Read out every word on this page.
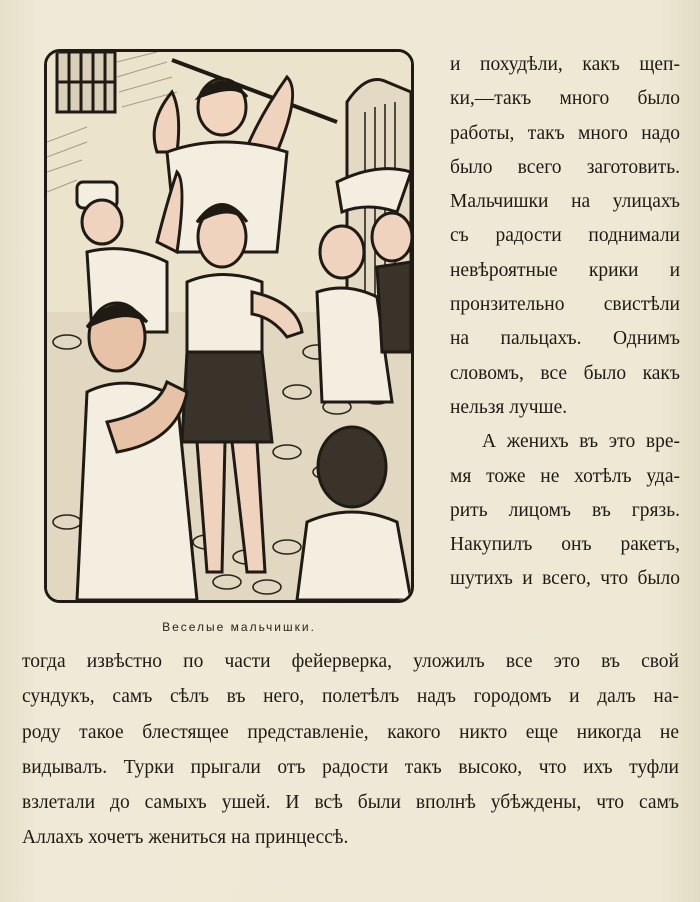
Веселые мальчишки.
и похудѣли, какъ щеп-
ки,—такъ много было
работы, такъ много надо
было всего заготовить.
Мальчишки на улицахъ
съ радости поднимали
невѣроятные крики и
пронзительно свистѣли
на пальцахъ. Однимъ
словомъ, все было какъ
нельзя лучше.
А женихъ въ это вре-
мя тоже не хотѣлъ уда-
рить лицомъ въ грязь.
Накупилъ онъ ракетъ,
шутихъ и всего, что было
тогда извѣстно по части фейерверка, уложилъ все это въ свой
сундукъ, самъ сѣлъ въ него, полетѣлъ надъ городомъ и далъ на-
роду такое блестящее представленіе, какого никто еще никогда не
видывалъ. Турки прыгали отъ радости такъ высоко, что ихъ туфли
взлетали до самыхъ ушей. И всѣ были вполнѣ убѣждены, что самъ
Аллахъ хочетъ жениться на принцессѣ.
